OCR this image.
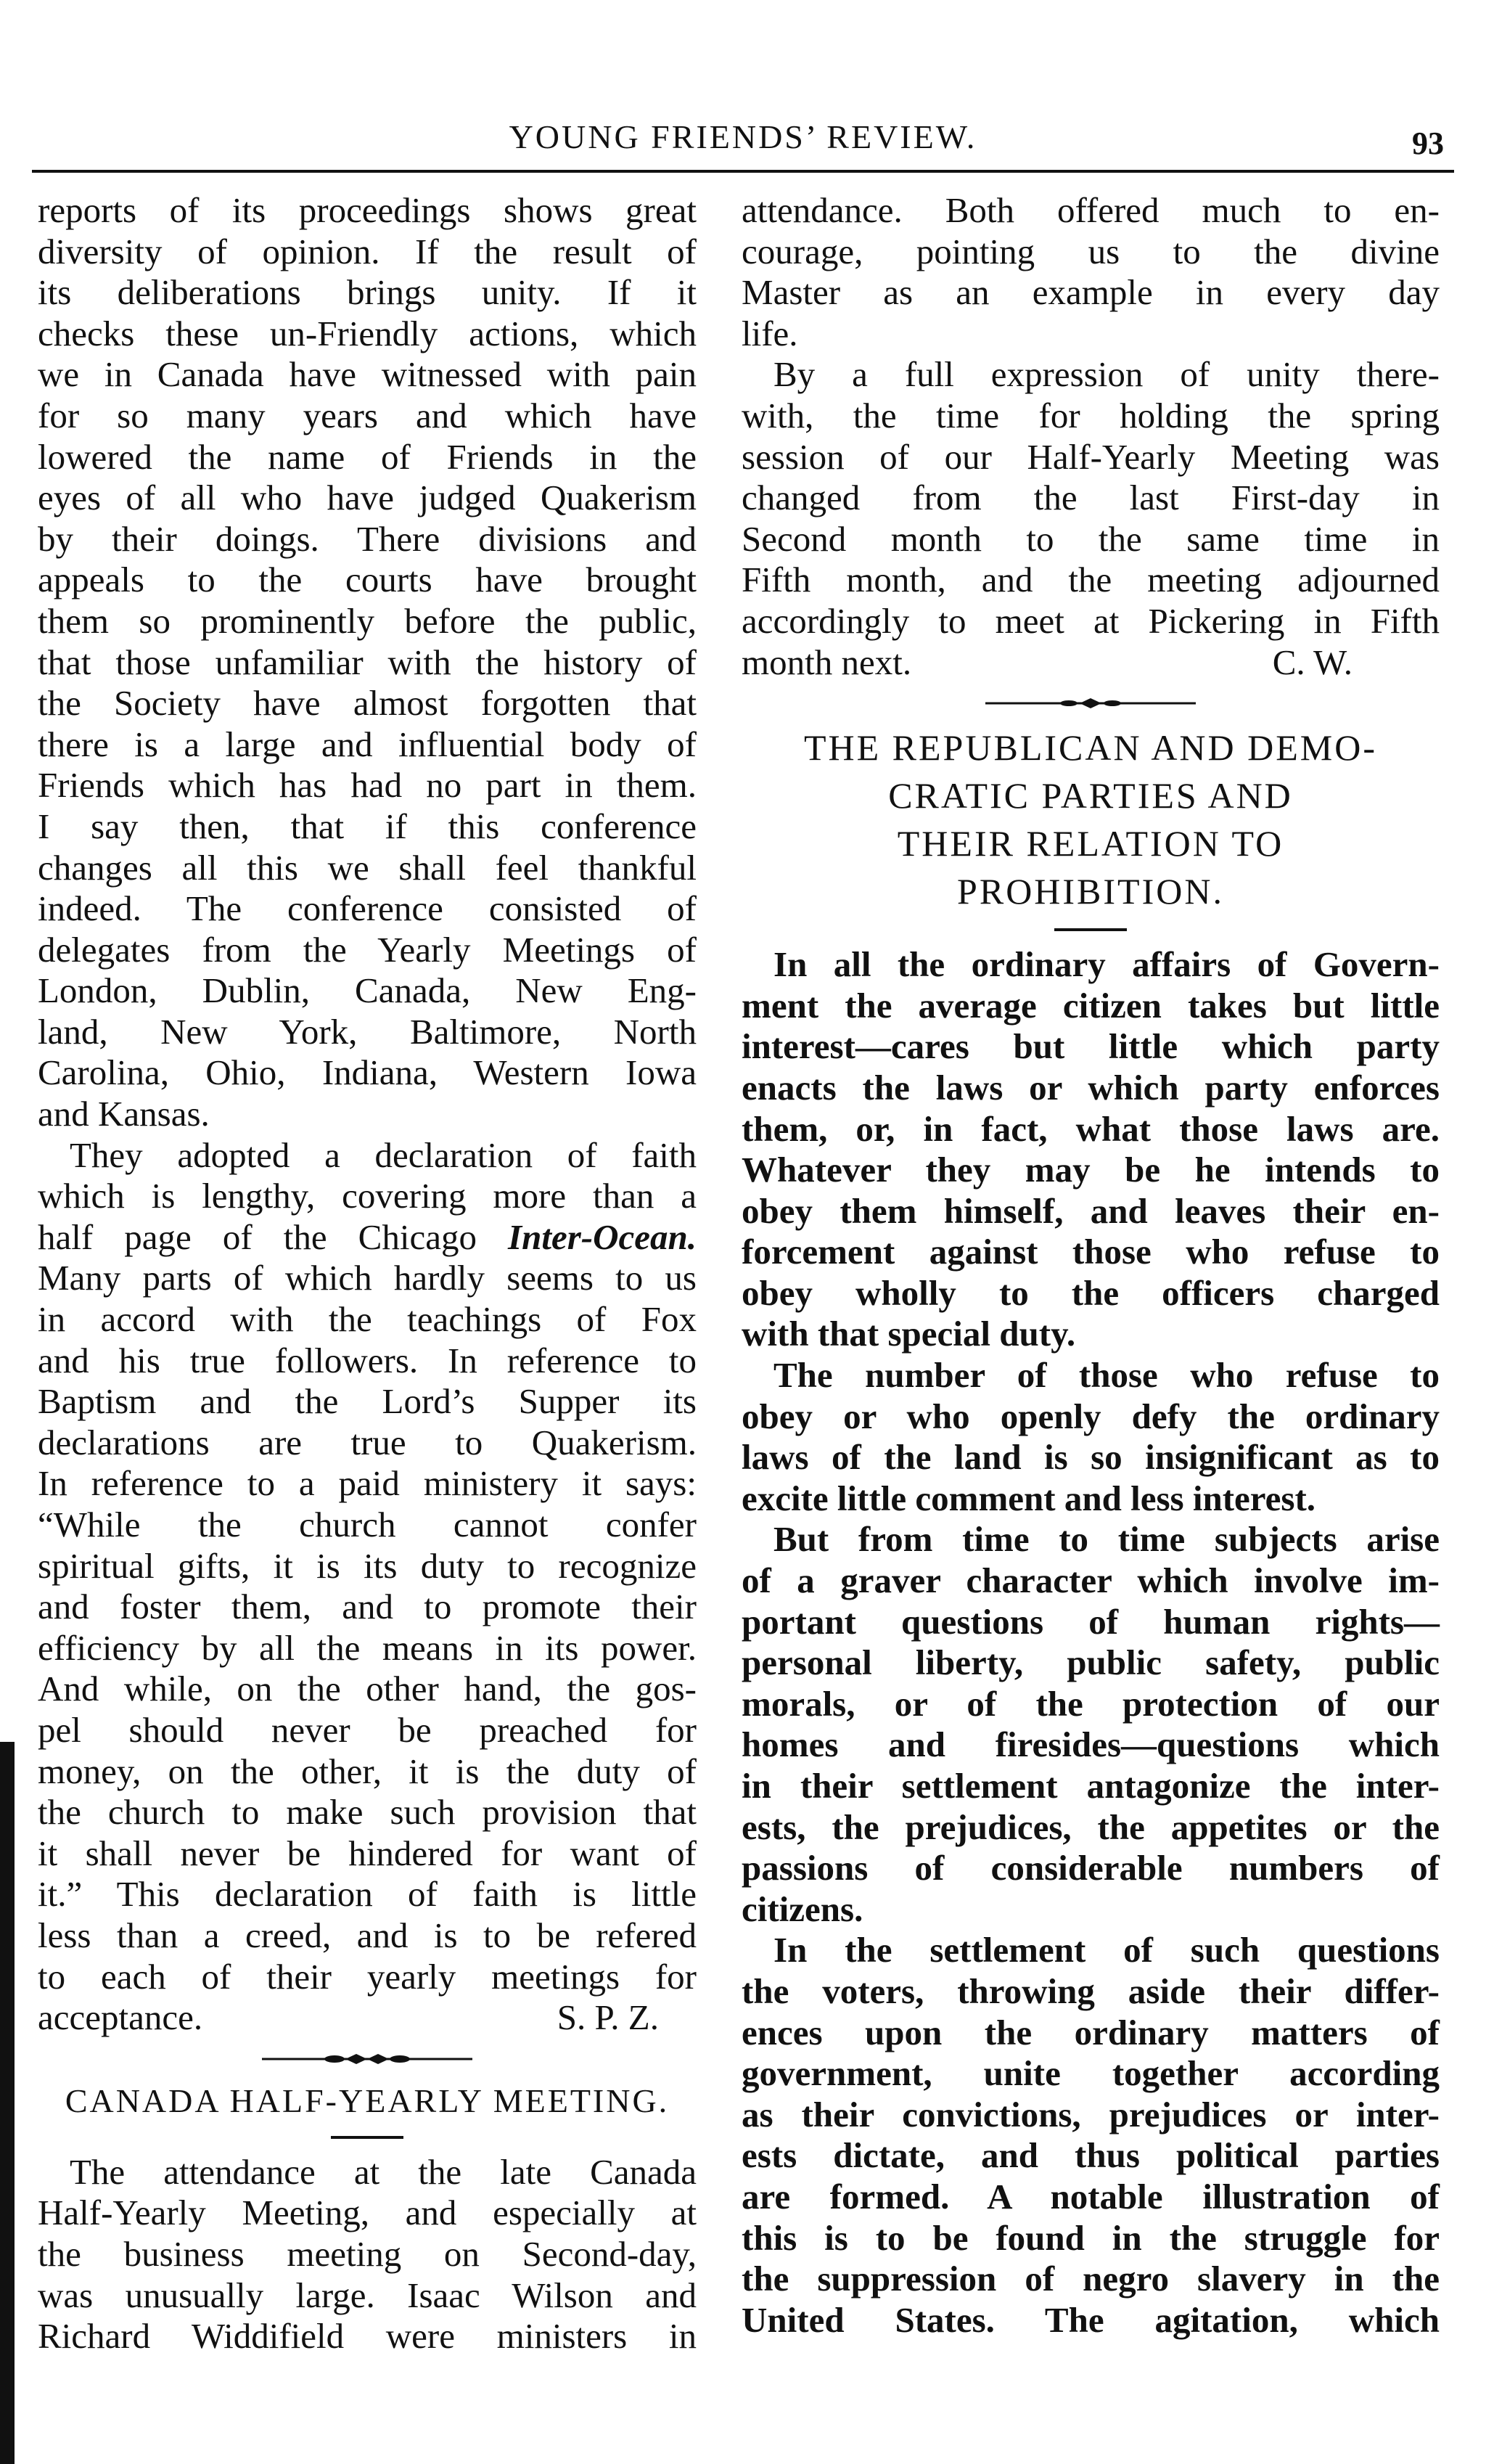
YOUNG FRIENDS’ REVIEW.	93
reports of its proceedings shows great
diversity of opinion. If the result of
its deliberations brings unity. If it
checks these un-Friendly actions, which
we in Canada have witnessed with pain
for so many years and which have
lowered the name of Friends in the
eyes of all who have judged Quakerism
by their doings. There divisions and
appeals to the courts have brought
them so prominently before the public,
that those unfamiliar with the history of
the Society have almost forgotten that
there is a large and influential body of
Friends which has had no part in them.
I say then, that if this conference
changes all this we shall feel thankful
indeed. The conference consisted of
delegates from the Yearly Meetings of
London, Dublin, Canada, New Eng-
land, New York, Baltimore, North
Carolina, Ohio, Indiana, Western Iowa
and Kansas.
They adopted a declaration of faith
which is lengthy, covering more than a
half page of the Chicago Inter-Ocean.
Many parts of which hardly seems to us
in accord with the teachings of Fox
and his true followers. In reference to
Baptism and the Lord’s Supper its
declarations are true to Quakerism.
In reference to a paid ministery it says:
“While the church cannot confer
spiritual gifts, it is its duty to recognize
and foster them, and to promote their
efficiency by all the means in its power.
And while, on the other hand, the gos-
pel should never be preached for
money, on the other, it is the duty of
the church to make such provision that
it shall never be hindered for want of
it.” This declaration of faith is little
less than a creed, and is to be refered
to each of their yearly meetings for
acceptance.	S. P. Z.
CANADA HALF-YEARLY MEETING.
The attendance at the late Canada
Half-Yearly Meeting, and especially at
the business meeting on Second-day,
was unusually large. Isaac Wilson and
Richard Widdifield were ministers in
attendance. Both offered much to en-
courage, pointing us to the divine
Master as an example in every day
life.
By a full expression of unity there-
with, the time for holding the spring
session of our Half-Yearly Meeting was
changed from the last First-day in
Second month to the same time in
Fifth month, and the meeting adjourned
accordingly to meet at Pickering in Fifth
month next.	C. W.
THE REPUBLICAN AND DEMO-
CRATIC PARTIES AND
THEIR RELATION TO
PROHIBITION.
In all the ordinary affairs of Govern-
ment the average citizen takes but little
interest—cares but little which party
enacts the laws or which party enforces
them, or, in fact, what those laws are.
Whatever they may be he intends to
obey them himself, and leaves their en-
forcement against those who refuse to
obey wholly to the officers charged
with that special duty.
The number of those who refuse to
obey or who openly defy the ordinary
laws of the land is so insignificant as to
excite little comment and less interest.
But from time to time subjects arise
of a graver character which involve im-
portant questions of human rights—
personal liberty, public safety, public
morals, or of the protection of our
homes and firesides—questions which
in their settlement antagonize the inter-
ests, the prejudices, the appetites or the
passions of considerable numbers of
citizens.
In the settlement of such questions
the voters, throwing aside their differ-
ences upon the ordinary matters of
government, unite together according
as their convictions, prejudices or inter-
ests dictate, and thus political parties
are formed. A notable illustration of
this is to be found in the struggle for
the suppression of negro slavery in the
United States. The agitation, which
